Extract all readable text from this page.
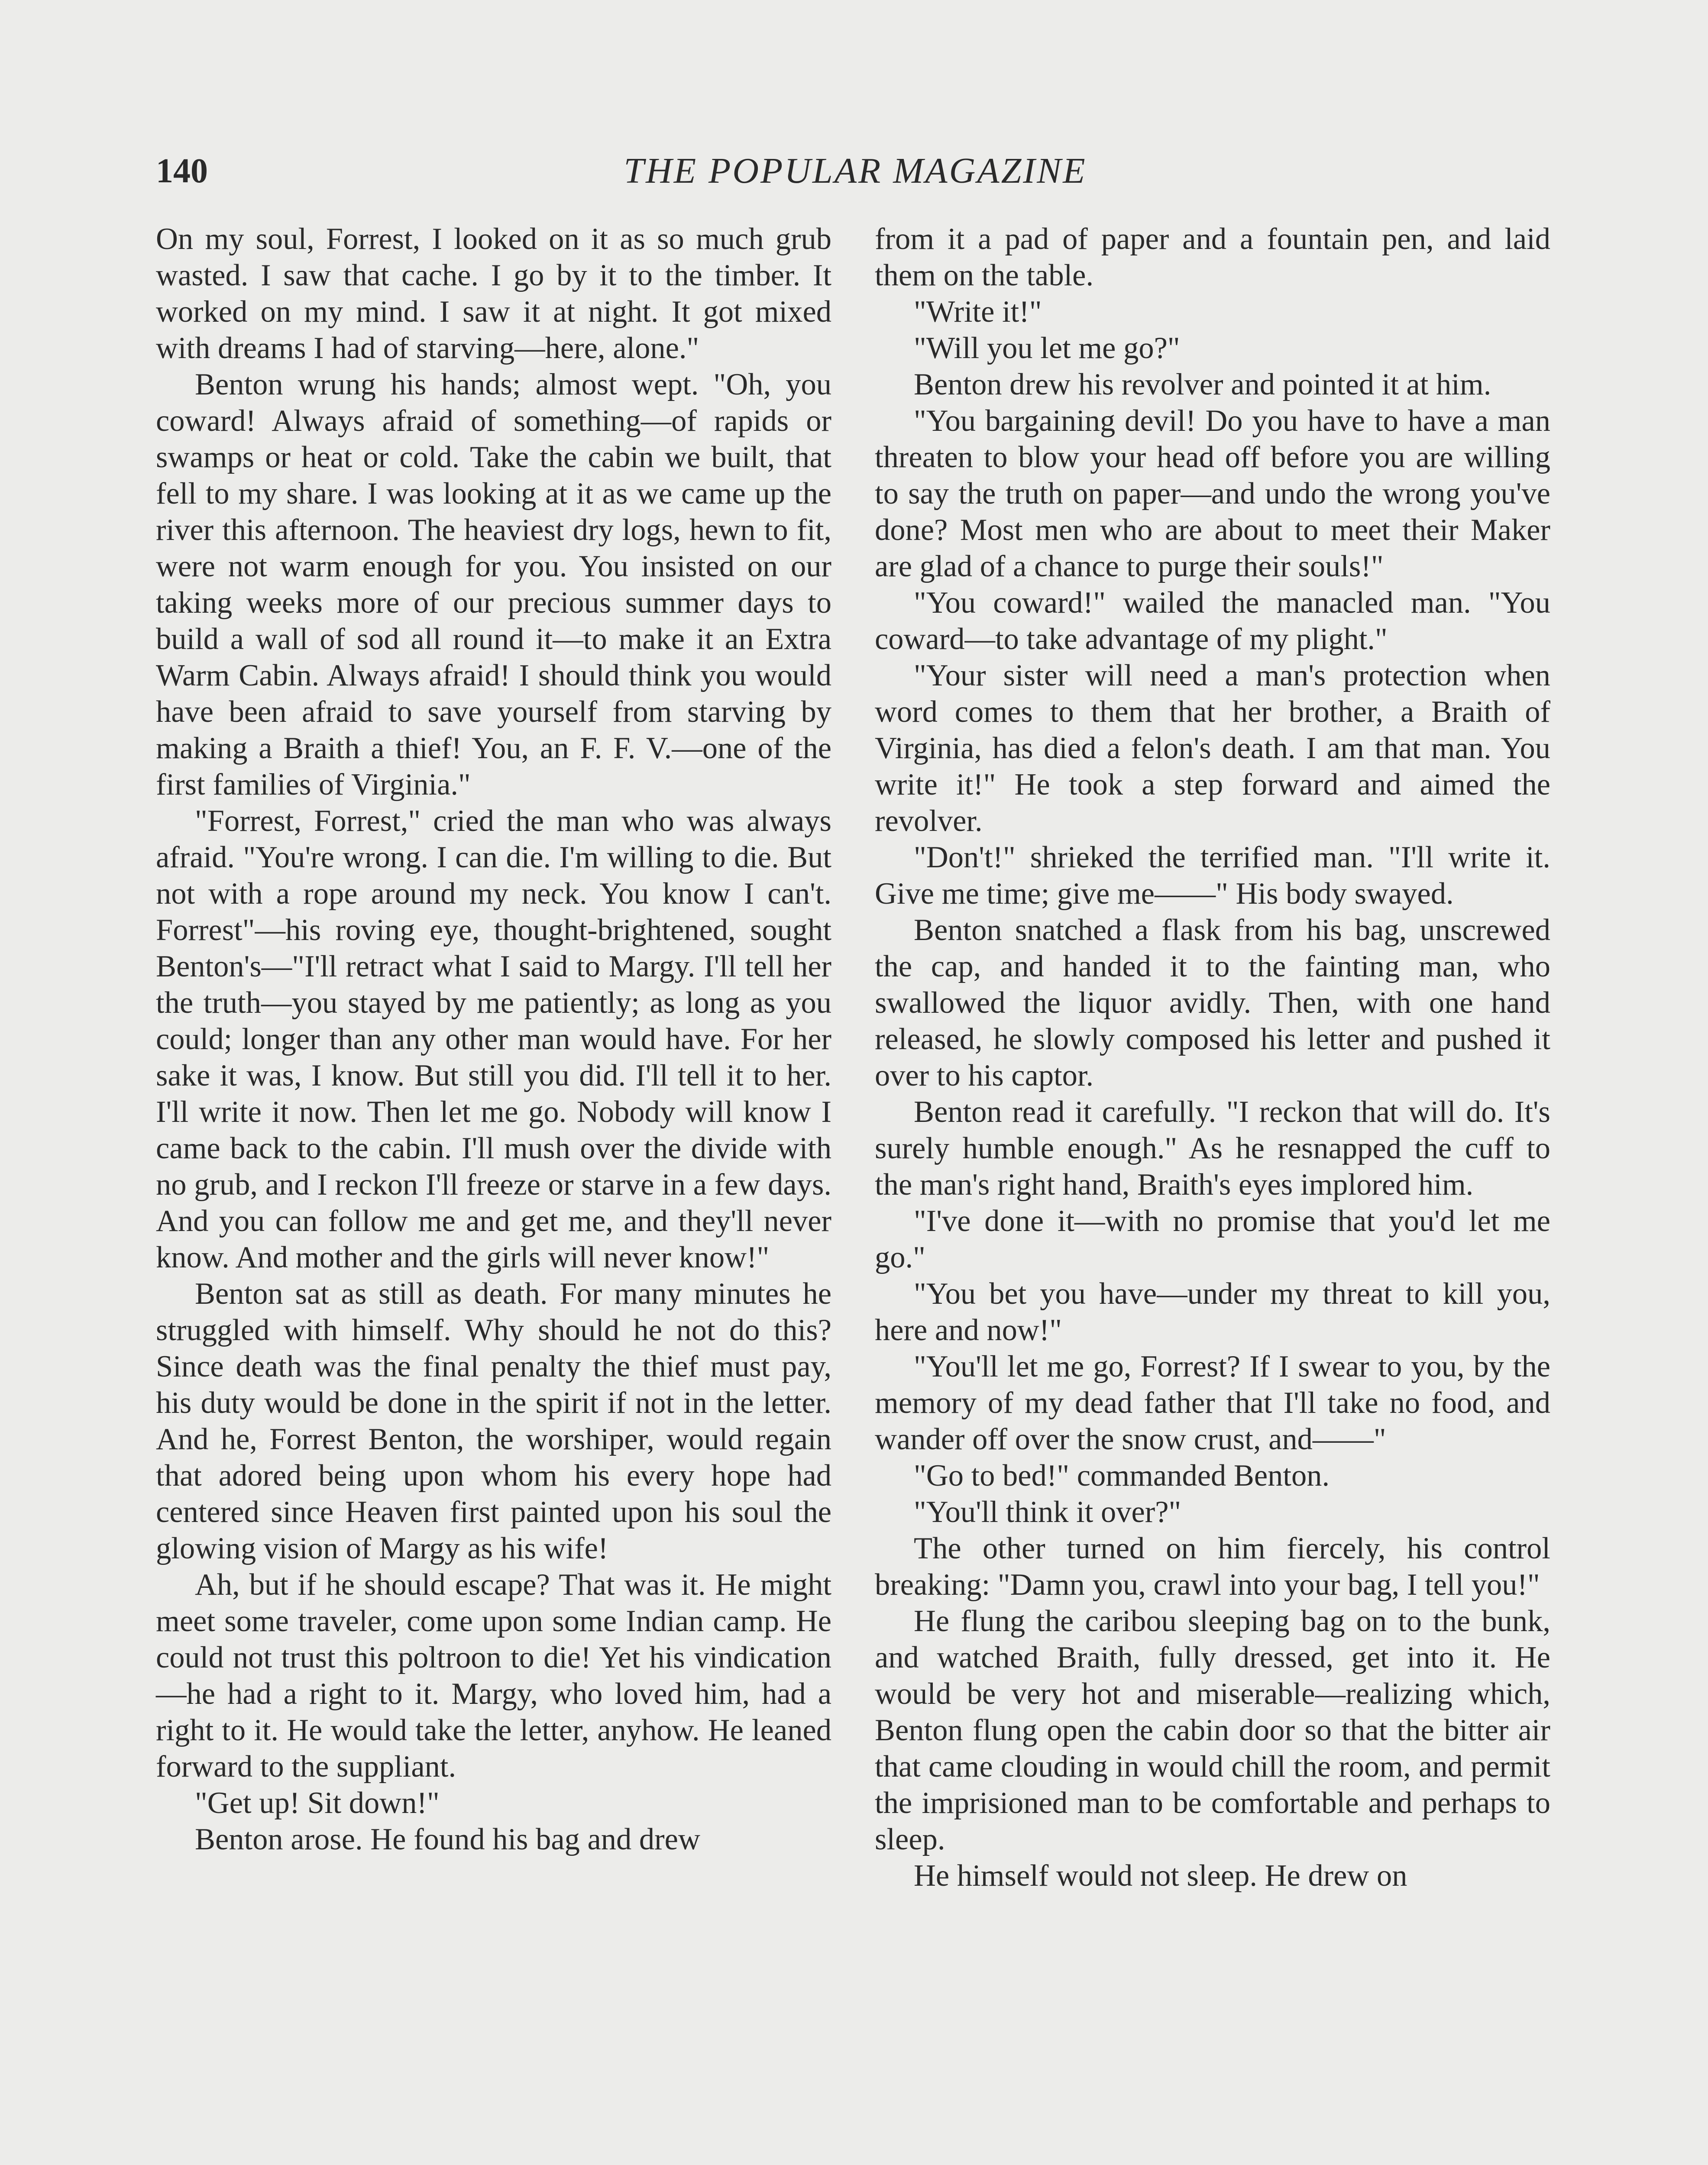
140	THE POPULAR MAGAZINE

On my soul, Forrest, I looked on it as so much grub wasted. I saw that cache. I go by it to the timber. It worked on my mind. I saw it at night. It got mixed with dreams I had of starving—here, alone."

Benton wrung his hands; almost wept. "Oh, you coward! Always afraid of something—of rapids or swamps or heat or cold. Take the cabin we built, that fell to my share. I was looking at it as we came up the river this afternoon. The heaviest dry logs, hewn to fit, were not warm enough for you. You insisted on our taking weeks more of our precious summer days to build a wall of sod all round it—to make it an Extra Warm Cabin. Always afraid! I should think you would have been afraid to save yourself from starving by making a Braith a thief! You, an F. F. V.—one of the first families of Virginia."

"Forrest, Forrest," cried the man who was always afraid. "You're wrong. I can die. I'm willing to die. But not with a rope around my neck. You know I can't. Forrest"—his roving eye, thought-brightened, sought Benton's—"I'll retract what I said to Margy. I'll tell her the truth—you stayed by me patiently; as long as you could; longer than any other man would have. For her sake it was, I know. But still you did. I'll tell it to her. I'll write it now. Then let me go. Nobody will know I came back to the cabin. I'll mush over the divide with no grub, and I reckon I'll freeze or starve in a few days. And you can follow me and get me, and they'll never know. And mother and the girls will never know!"

Benton sat as still as death. For many minutes he struggled with himself. Why should he not do this? Since death was the final penalty the thief must pay, his duty would be done in the spirit if not in the letter. And he, Forrest Benton, the worshiper, would regain that adored being upon whom his every hope had centered since Heaven first painted upon his soul the glowing vision of Margy as his wife!

Ah, but if he should escape? That was it. He might meet some traveler, come upon some Indian camp. He could not trust this poltroon to die! Yet his vindication—he had a right to it. Margy, who loved him, had a right to it. He would take the letter, anyhow. He leaned forward to the suppliant.

"Get up! Sit down!"

Benton arose. He found his bag and drew

from it a pad of paper and a fountain pen, and laid them on the table.

"Write it!"

"Will you let me go?"

Benton drew his revolver and pointed it at him.

"You bargaining devil! Do you have to have a man threaten to blow your head off before you are willing to say the truth on paper—and undo the wrong you've done? Most men who are about to meet their Maker are glad of a chance to purge their souls!"

"You coward!" wailed the manacled man. "You coward—to take advantage of my plight."

"Your sister will need a man's protection when word comes to them that her brother, a Braith of Virginia, has died a felon's death. I am that man. You write it!" He took a step forward and aimed the revolver.

"Don't!" shrieked the terrified man. "I'll write it. Give me time; give me——" His body swayed.

Benton snatched a flask from his bag, unscrewed the cap, and handed it to the fainting man, who swallowed the liquor avidly. Then, with one hand released, he slowly composed his letter and pushed it over to his captor.

Benton read it carefully. "I reckon that will do. It's surely humble enough." As he resnapped the cuff to the man's right hand, Braith's eyes implored him.

"I've done it—with no promise that you'd let me go."

"You bet you have—under my threat to kill you, here and now!"

"You'll let me go, Forrest? If I swear to you, by the memory of my dead father that I'll take no food, and wander off over the snow crust, and——"

"Go to bed!" commanded Benton.

"You'll think it over?"

The other turned on him fiercely, his control breaking: "Damn you, crawl into your bag, I tell you!"

He flung the caribou sleeping bag on to the bunk, and watched Braith, fully dressed, get into it. He would be very hot and miserable—realizing which, Benton flung open the cabin door so that the bitter air that came clouding in would chill the room, and permit the imprisioned man to be comfortable and perhaps to sleep.

He himself would not sleep. He drew on
